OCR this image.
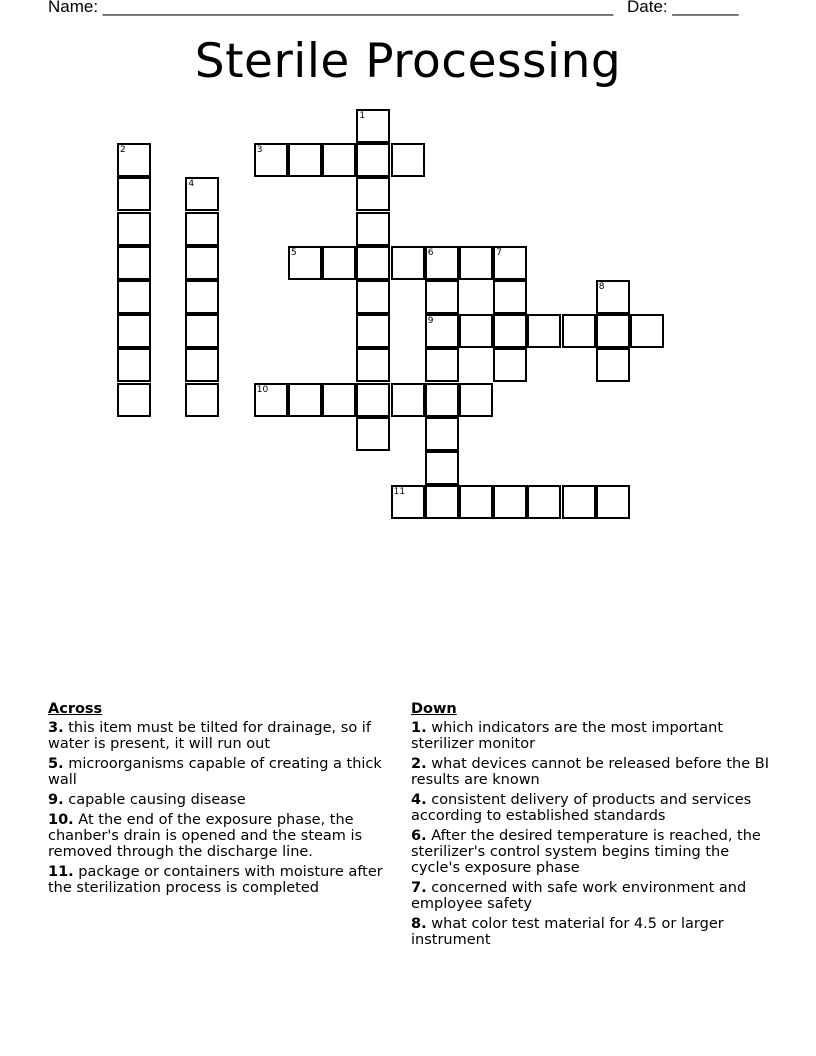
Name: ______________________________________________________ Date: _______
Sterile Processing
1
2	3
4
5	6	7
8
9
10
11
Across
3. this item must be tilted for drainage, so if water is present, it will run out
5. microorganisms capable of creating a thick wall
9. capable causing disease
10. At the end of the exposure phase, the chanber's drain is opened and the steam is removed through the discharge line.
11. package or containers with moisture after the sterilization process is completed
Down
1. which indicators are the most important sterilizer monitor
2. what devices cannot be released before the BI results are known
4. consistent delivery of products and services according to established standards
6. After the desired temperature is reached, the sterilizer's control system begins timing the cycle's exposure phase
7. concerned with safe work environment and employee safety
8. what color test material for 4.5 or larger instrument
